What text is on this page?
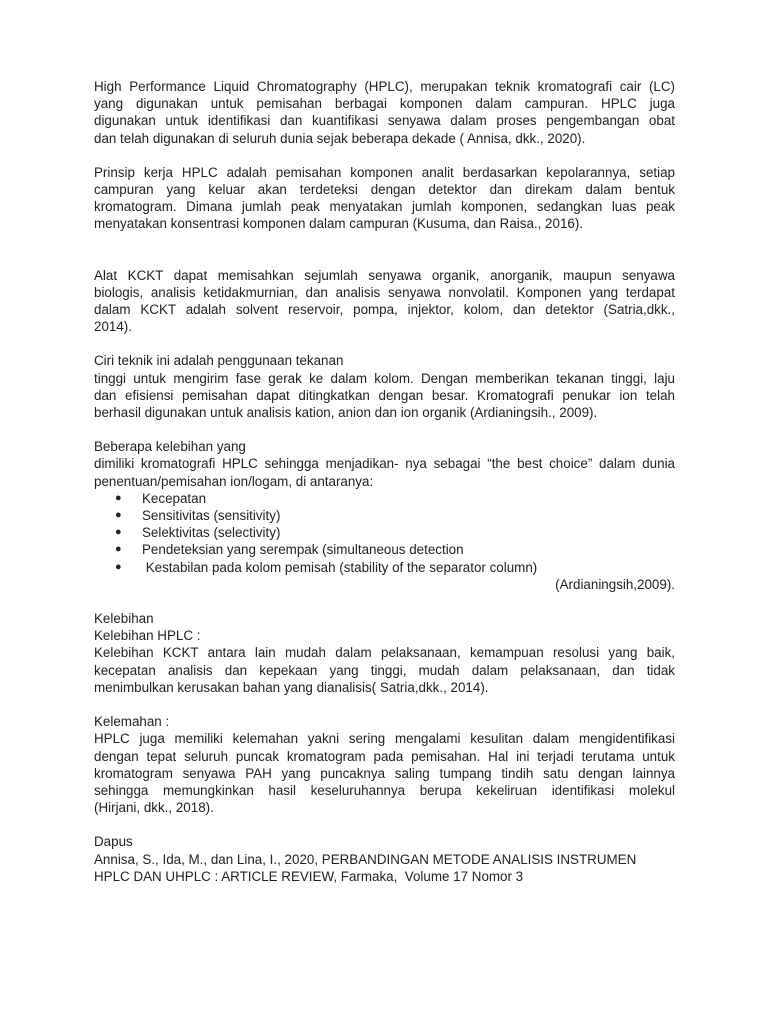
High Performance Liquid Chromatography (HPLC), merupakan teknik kromatografi cair (LC)
yang digunakan untuk pemisahan berbagai komponen dalam campuran. HPLC juga
digunakan untuk identifikasi dan kuantifikasi senyawa dalam proses pengembangan obat
dan telah digunakan di seluruh dunia sejak beberapa dekade ( Annisa, dkk., 2020).

Prinsip kerja HPLC adalah pemisahan komponen analit berdasarkan kepolarannya, setiap
campuran yang keluar akan terdeteksi dengan detektor dan direkam dalam bentuk
kromatogram. Dimana jumlah peak menyatakan jumlah komponen, sedangkan luas peak
menyatakan konsentrasi komponen dalam campuran (Kusuma, dan Raisa., 2016).

Alat KCKT dapat memisahkan sejumlah senyawa organik, anorganik, maupun senyawa
biologis, analisis ketidakmurnian, dan analisis senyawa nonvolatil. Komponen yang terdapat
dalam KCKT adalah solvent reservoir, pompa, injektor, kolom, dan detektor (Satria,dkk.,
2014).

Ciri teknik ini adalah penggunaan tekanan
tinggi untuk mengirim fase gerak ke dalam kolom. Dengan memberikan tekanan tinggi, laju
dan efisiensi pemisahan dapat ditingkatkan dengan besar. Kromatografi penukar ion telah
berhasil digunakan untuk analisis kation, anion dan ion organik (Ardianingsih., 2009).

Beberapa kelebihan yang
dimiliki kromatografi HPLC sehingga menjadikan- nya sebagai “the best choice” dalam dunia
penentuan/pemisahan ion/logam, di antaranya:

● Kecepatan
● Sensitivitas (sensitivity)
● Selektivitas (selectivity)
● Pendeteksian yang serempak (simultaneous detection
● Kestabilan pada kolom pemisah (stability of the separator column)
(Ardianingsih,2009).
Kelebihan
Kelebihan HPLC :

Kelebihan KCKT antara lain mudah dalam pelaksanaan, kemampuan resolusi yang baik,
kecepatan analisis dan kepekaan yang tinggi, mudah dalam pelaksanaan, dan tidak
menimbulkan kerusakan bahan yang dianalisis( Satria,dkk., 2014).

Kelemahan :

HPLC juga memiliki kelemahan yakni sering mengalami kesulitan dalam mengidentifikasi
dengan tepat seluruh puncak kromatogram pada pemisahan. Hal ini terjadi terutama untuk
kromatogram senyawa PAH yang puncaknya saling tumpang tindih satu dengan lainnya
sehingga memungkinkan hasil keseluruhannya berupa kekeliruan identifikasi molekul
(Hirjani, dkk., 2018).

Dapus

Annisa, S., Ida, M., dan Lina, I., 2020, PERBANDINGAN METODE ANALISIS INSTRUMEN
HPLC DAN UHPLC : ARTICLE REVIEW, Farmaka,  Volume 17 Nomor 3
